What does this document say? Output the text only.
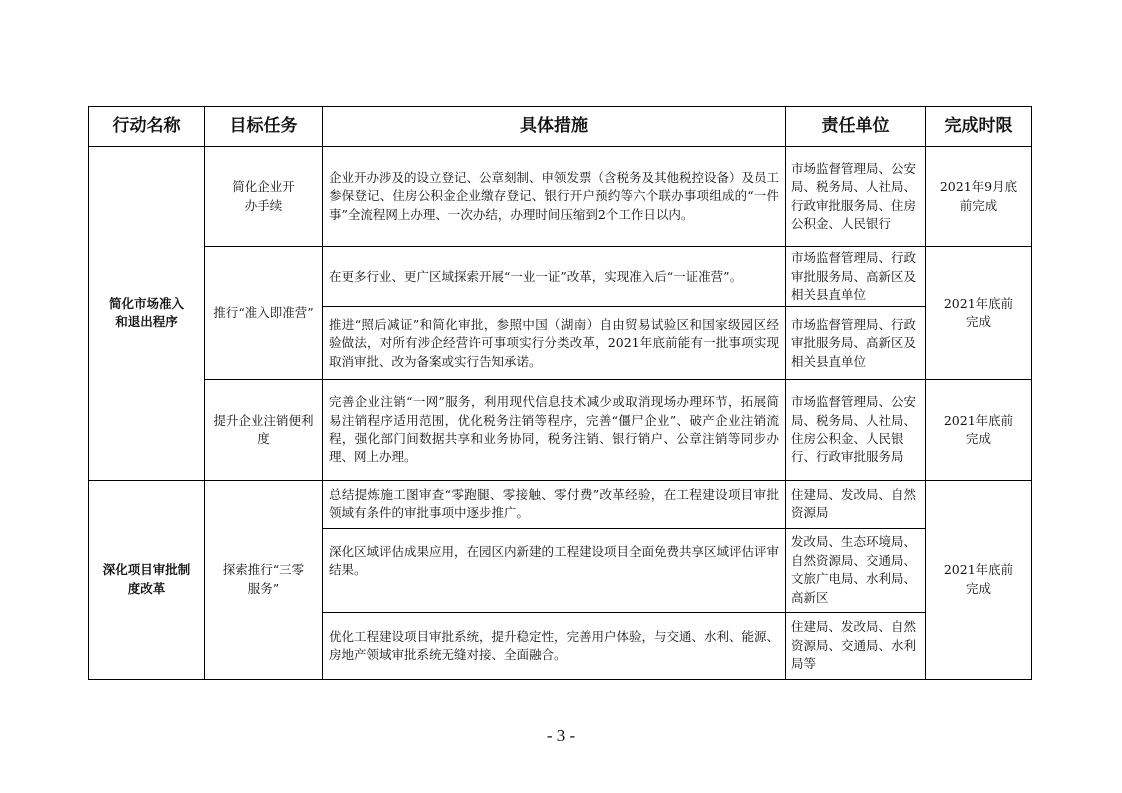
行动名称	目标任务	具体措施	责任单位	完成时限
简化市场准入和退出程序	简化企业开办手续	企业开办涉及的设立登记、公章刻制、申领发票（含税务及其他税控设备）及员工参保登记、住房公积金企业缴存登记、银行开户预约等六个联办事项组成的“一件事”全流程网上办理、一次办结，办理时间压缩到2个工作日以内。	市场监督管理局、公安局、税务局、人社局、行政审批服务局、住房公积金、人民银行	2021年9月底前完成
	推行“准入即准营”	在更多行业、更广区域探索开展“一业一证”改革，实现准入后“一证准营”。	市场监督管理局、行政审批服务局、高新区及相关县直单位	2021年底前完成
		推进“照后减证”和简化审批，参照中国（湖南）自由贸易试验区和国家级园区经验做法，对所有涉企经营许可事项实行分类改革，2021年底前能有一批事项实现取消审批、改为备案或实行告知承诺。	市场监督管理局、行政审批服务局、高新区及相关县直单位	
	提升企业注销便利度	完善企业注销“一网”服务，利用现代信息技术减少或取消现场办理环节，拓展简易注销程序适用范围，优化税务注销等程序，完善“僵尸企业”、破产企业注销流程，强化部门间数据共享和业务协同，税务注销、银行销户、公章注销等同步办理、网上办理。	市场监督管理局、公安局、税务局、人社局、住房公积金、人民银行、行政审批服务局	2021年底前完成
深化项目审批制度改革	探索推行“三零服务”	总结提炼施工图审查“零跑腿、零接触、零付费”改革经验，在工程建设项目审批领域有条件的审批事项中逐步推广。	住建局、发改局、自然资源局	2021年底前完成
		深化区域评估成果应用，在园区内新建的工程建设项目全面免费共享区域评估评审结果。	发改局、生态环境局、自然资源局、交通局、文旅广电局、水利局、高新区	
		优化工程建设项目审批系统，提升稳定性，完善用户体验，与交通、水利、能源、房地产领域审批系统无缝对接、全面融合。	住建局、发改局、自然资源局、交通局、水利局等	
- 3 -
